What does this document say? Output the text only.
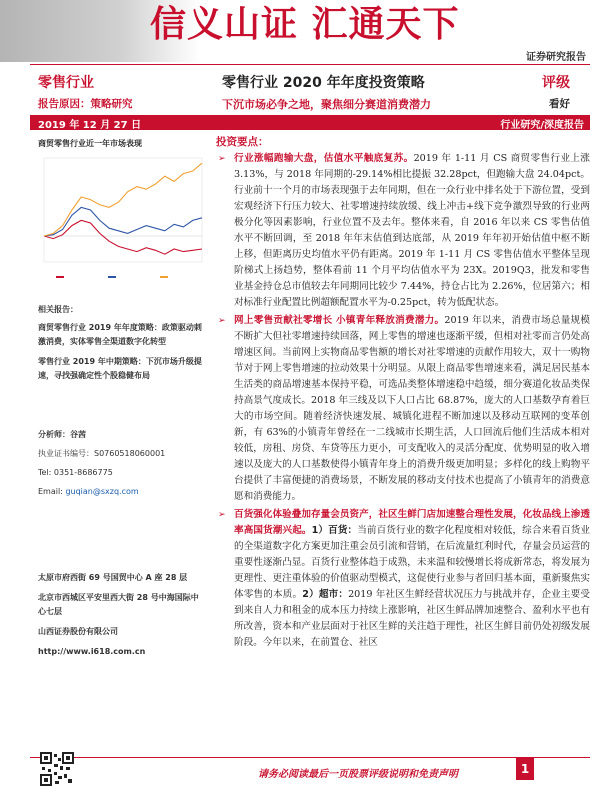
信义山证 汇通天下
证券研究报告
零售行业	零售行业 2020 年年度投资策略	评级
报告原因：策略研究	下沉市场必争之地，聚焦细分赛道消费潜力	看好
2019 年 12 月 27 日	行业研究/深度报告
商贸零售行业近一年市场表现
相关报告：
商贸零售行业 2019 年年度策略：政策驱动刺激消费，实体零售全渠道数字化转型
零售行业 2019 年中期策略：下沉市场升级提速，寻找强确定性个股稳健布局
分析师：谷茜
执业证书编号：S0760518060001
Tel: 0351-8686775
Email: guqian@sxzq.com
太原市府西街 69 号国贸中心 A 座 28 层
北京市西城区平安里西大街 28 号中海国际中心七层
山西证券股份有限公司
http://www.i618.com.cn
投资要点：
➢ 行业涨幅跑输大盘，估值水平触底复苏。2019 年 1-11 月 CS 商贸零售行业上涨 3.13%，与 2018 年同期的-29.14%相比提振 32.28pct，但跑输大盘 24.04pct。行业前十一个月的市场表现强于去年同期，但在一众行业中排名处于下游位置，受到宏观经济下行压力较大、社零增速持续放缓、线上冲击+线下竞争激烈导致的行业两极分化等因素影响，行业位置不及去年。整体来看，自 2016 年以来 CS 零售估值水平不断回调，至 2018 年年末估值到达底部，从 2019 年年初开始估值中枢不断上移，但距离历史均值水平仍有距离。2019 年 1-11 月 CS 零售估值水平整体呈现阶梯式上扬趋势，整体看前 11 个月平均估值水平为 23X。2019Q3，批发和零售业基金持仓总市值较去年同期同比较少 7.44%，持仓占比为 2.26%，位居第六；相对标准行业配置比例超额配置水平为-0.25pct，转为低配状态。
➢ 网上零售贡献社零增长 小镇青年释放消费潜力。2019 年以来，消费市场总量规模不断扩大但社零增速持续回落，网上零售的增速也逐渐平缓，但相对社零而言仍处高增速区间。当前网上实物商品零售额的增长对社零增速的贡献作用较大，双十一购物节对于网上零售增速的拉动效果十分明显。从限上商品零售增速来看，满足居民基本生活类的商品增速基本保持平稳，可选品类整体增速稳中趋缓，细分赛道化妆品类保持高景气度成长。2018 年三线及以下人口占比 68.87%，庞大的人口基数孕育着巨大的市场空间。随着经济快速发展、城镇化进程不断加速以及移动互联网的变革创新，有 63%的小镇青年曾经在一二线城市长期生活，人口回流后他们生活成本相对较低，房租、房贷、车贷等压力更小，可支配收入的灵活分配度、优势明显的收入增速以及庞大的人口基数使得小镇青年身上的消费升级更加明显；多样化的线上购物平台提供了丰富便捷的消费场景，不断发展的移动支付技术也提高了小镇青年的消费意愿和消费能力。
➢ 百货强化体验叠加存量会员资产，社区生鲜门店加速整合理性发展，化妆品线上渗透率高国货潮兴起。1）百货：当前百货行业的数字化程度相对较低，综合来看百货业的全渠道数字化方案更加注重会员引流和营销，在后流量红利时代，存量会员运营的重要性逐渐凸显。百货行业整体趋于成熟，未来温和较慢增长将成新常态，将发展为更理性、更注重体验的价值驱动型模式，这促使行业参与者回归基本面，重新聚焦实体零售的本质。2）超市：2019 年社区生鲜经营状况压力与挑战并存，企业主要受到来自人力和租金的成本压力持续上涨影响，社区生鲜品牌加速整合、盈利水平也有所改善，资本和产业层面对于社区生鲜的关注趋于理性，社区生鲜目前仍处初级发展阶段。今年以来，在前置仓、社区
请务必阅读最后一页股票评级说明和免责声明	1
